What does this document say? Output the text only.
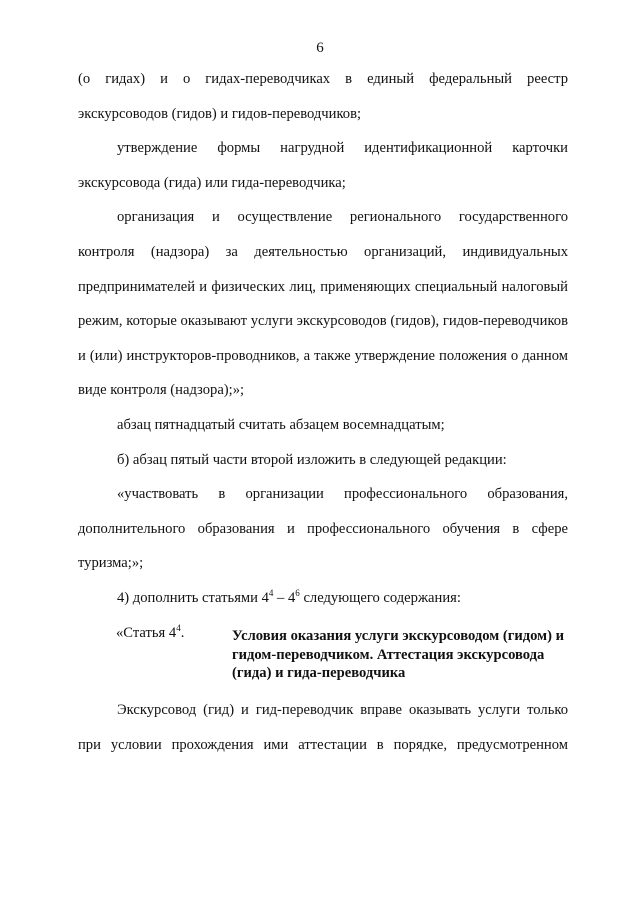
6

(о гидах) и о гидах-переводчиках в единый федеральный реестр экскурсоводов (гидов) и гидов-переводчиков;

утверждение формы нагрудной идентификационной карточки экскурсовода (гида) или гида-переводчика;

организация и осуществление регионального государственного контроля (надзора) за деятельностью организаций, индивидуальных предпринимателей и физических лиц, применяющих специальный налоговый режим, которые оказывают услуги экскурсоводов (гидов), гидов-переводчиков и (или) инструкторов-проводников, а также утверждение положения о данном виде контроля (надзора);»;

абзац пятнадцатый считать абзацем восемнадцатым;

б) абзац пятый части второй изложить в следующей редакции:

«участвовать в организации профессионального образования, дополнительного образования и профессионального обучения в сфере туризма;»;

4) дополнить статьями $4^4 - 4^6$ следующего содержания:

«Статья $4^4$.	Условия оказания услуги экскурсоводом (гидом) и гидом-переводчиком. Аттестация экскурсовода (гида) и гида-переводчика

Экскурсовод (гид) и гид-переводчик вправе оказывать услуги только при условии прохождения ими аттестации в порядке, предусмотренном
